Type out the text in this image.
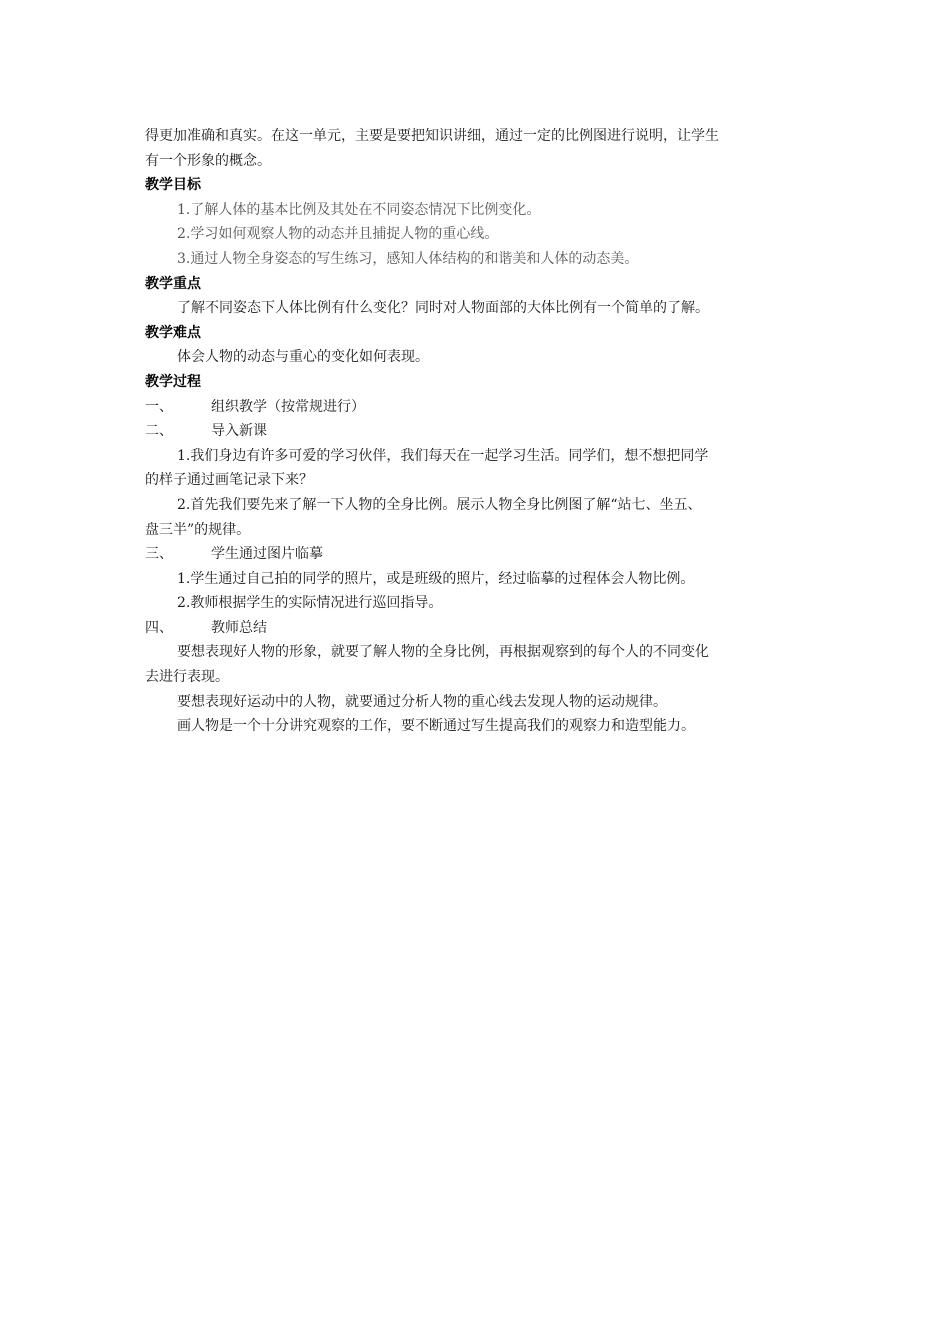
得更加准确和真实。在这一单元，主要是要把知识讲细，通过一定的比例图进行说明，让学生
有一个形象的概念。
教学目标
1.了解人体的基本比例及其处在不同姿态情况下比例变化。
2.学习如何观察人物的动态并且捕捉人物的重心线。
3.通过人物全身姿态的写生练习，感知人体结构的和谐美和人体的动态美。
教学重点
了解不同姿态下人体比例有什么变化？同时对人物面部的大体比例有一个简单的了解。
教学难点
体会人物的动态与重心的变化如何表现。
教学过程
一、	组织教学（按常规进行）
二、	导入新课
1.我们身边有许多可爱的学习伙伴，我们每天在一起学习生活。同学们，想不想把同学
的样子通过画笔记录下来？
2.首先我们要先来了解一下人物的全身比例。展示人物全身比例图了解“站七、坐五、
盘三半”的规律。
三、	学生通过图片临摹
1.学生通过自己拍的同学的照片，或是班级的照片，经过临摹的过程体会人物比例。
2.教师根据学生的实际情况进行巡回指导。
四、	教师总结
要想表现好人物的形象，就要了解人物的全身比例，再根据观察到的每个人的不同变化
去进行表现。
要想表现好运动中的人物，就要通过分析人物的重心线去发现人物的运动规律。
画人物是一个十分讲究观察的工作，要不断通过写生提高我们的观察力和造型能力。
